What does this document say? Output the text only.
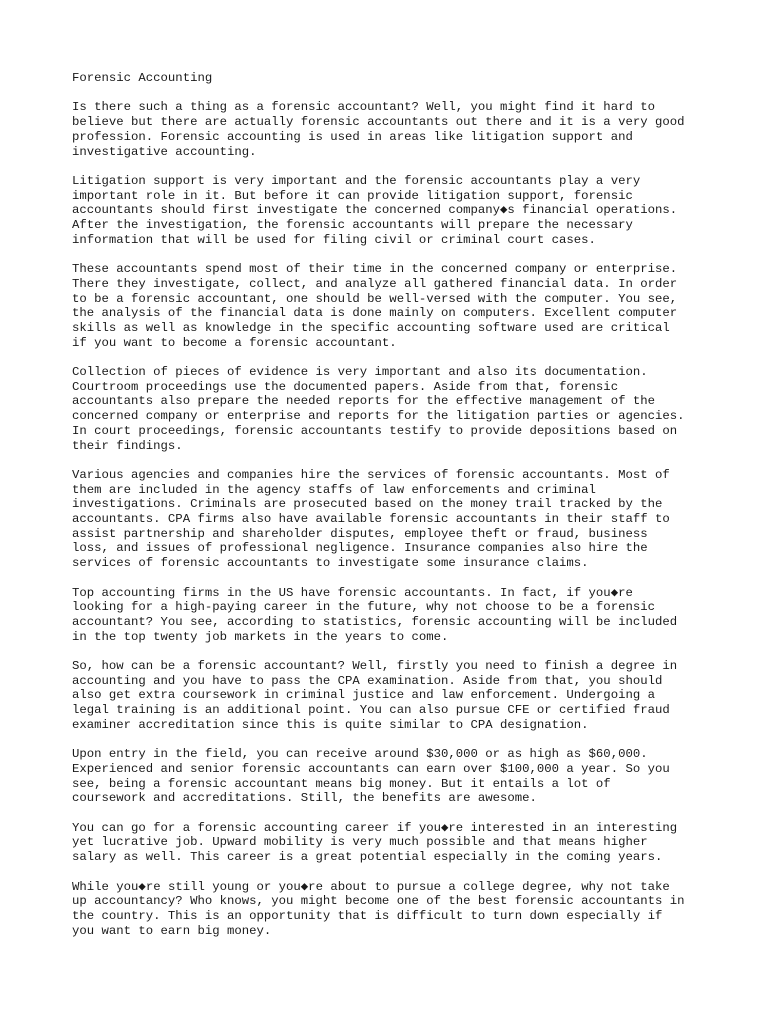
Forensic Accounting
Is there such a thing as a forensic accountant? Well, you might find it hard to
believe but there are actually forensic accountants out there and it is a very good
profession. Forensic accounting is used in areas like litigation support and
investigative accounting.
Litigation support is very important and the forensic accountants play a very
important role in it. But before it can provide litigation support, forensic
accountants should first investigate the concerned company◆s financial operations.
After the investigation, the forensic accountants will prepare the necessary
information that will be used for filing civil or criminal court cases.
These accountants spend most of their time in the concerned company or enterprise.
There they investigate, collect, and analyze all gathered financial data. In order
to be a forensic accountant, one should be well-versed with the computer. You see,
the analysis of the financial data is done mainly on computers. Excellent computer
skills as well as knowledge in the specific accounting software used are critical
if you want to become a forensic accountant.
Collection of pieces of evidence is very important and also its documentation.
Courtroom proceedings use the documented papers. Aside from that, forensic
accountants also prepare the needed reports for the effective management of the
concerned company or enterprise and reports for the litigation parties or agencies.
In court proceedings, forensic accountants testify to provide depositions based on
their findings.
Various agencies and companies hire the services of forensic accountants. Most of
them are included in the agency staffs of law enforcements and criminal
investigations. Criminals are prosecuted based on the money trail tracked by the
accountants. CPA firms also have available forensic accountants in their staff to
assist partnership and shareholder disputes, employee theft or fraud, business
loss, and issues of professional negligence. Insurance companies also hire the
services of forensic accountants to investigate some insurance claims.
Top accounting firms in the US have forensic accountants. In fact, if you◆re
looking for a high-paying career in the future, why not choose to be a forensic
accountant? You see, according to statistics, forensic accounting will be included
in the top twenty job markets in the years to come.
So, how can be a forensic accountant? Well, firstly you need to finish a degree in
accounting and you have to pass the CPA examination. Aside from that, you should
also get extra coursework in criminal justice and law enforcement. Undergoing a
legal training is an additional point. You can also pursue CFE or certified fraud
examiner accreditation since this is quite similar to CPA designation.
Upon entry in the field, you can receive around $30,000 or as high as $60,000.
Experienced and senior forensic accountants can earn over $100,000 a year. So you
see, being a forensic accountant means big money. But it entails a lot of
coursework and accreditations. Still, the benefits are awesome.
You can go for a forensic accounting career if you◆re interested in an interesting
yet lucrative job. Upward mobility is very much possible and that means higher
salary as well. This career is a great potential especially in the coming years.
While you◆re still young or you◆re about to pursue a college degree, why not take
up accountancy? Who knows, you might become one of the best forensic accountants in
the country. This is an opportunity that is difficult to turn down especially if
you want to earn big money.
